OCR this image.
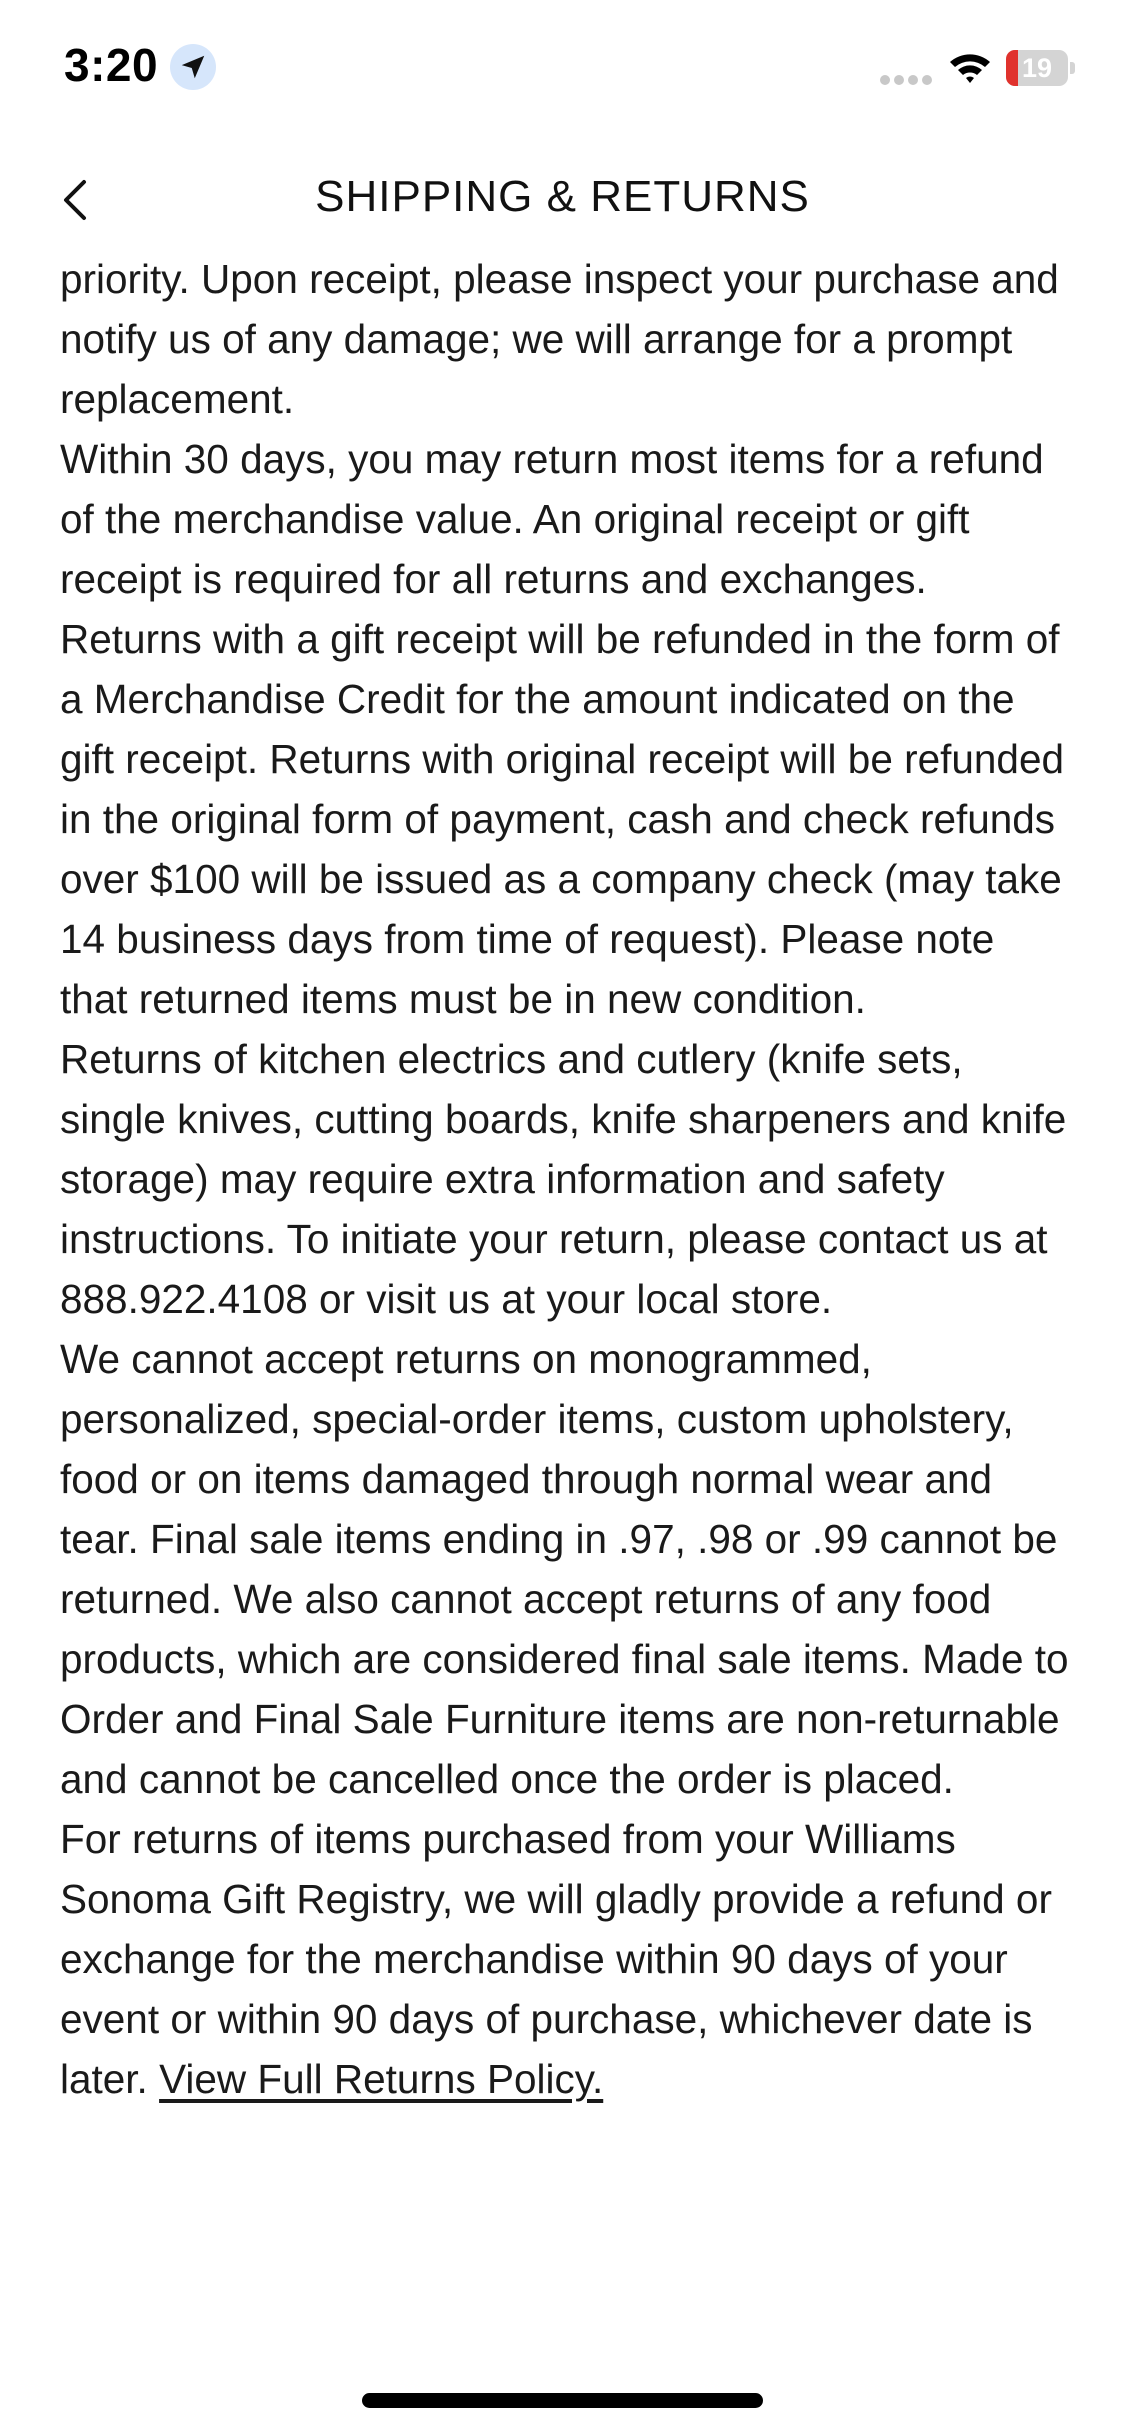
3:20	19
SHIPPING & RETURNS

priority. Upon receipt, please inspect your purchase and notify us of any damage; we will arrange for a prompt replacement.

Within 30 days, you may return most items for a refund of the merchandise value. An original receipt or gift receipt is required for all returns and exchanges. Returns with a gift receipt will be refunded in the form of a Merchandise Credit for the amount indicated on the gift receipt. Returns with original receipt will be refunded in the original form of payment, cash and check refunds over $100 will be issued as a company check (may take 14 business days from time of request). Please note that returned items must be in new condition.

Returns of kitchen electrics and cutlery (knife sets, single knives, cutting boards, knife sharpeners and knife storage) may require extra information and safety instructions. To initiate your return, please contact us at 888.922.4108 or visit us at your local store.

We cannot accept returns on monogrammed, personalized, special-order items, custom upholstery, food or on items damaged through normal wear and tear. Final sale items ending in .97, .98 or .99 cannot be returned. We also cannot accept returns of any food products, which are considered final sale items. Made to Order and Final Sale Furniture items are non-returnable and cannot be cancelled once the order is placed.

For returns of items purchased from your Williams Sonoma Gift Registry, we will gladly provide a refund or exchange for the merchandise within 90 days of your event or within 90 days of purchase, whichever date is later. View Full Returns Policy.
